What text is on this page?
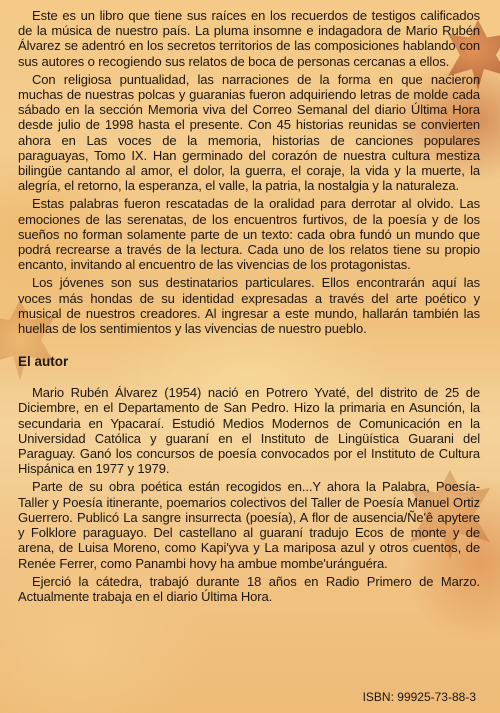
Este es un libro que tiene sus raíces en los recuerdos de testigos calificados de la música de nuestro país. La pluma insomne e indagadora de Mario Rubén Álvarez se adentró en los secretos territorios de las composiciones hablando con sus autores o recogiendo sus relatos de boca de personas cercanas a ellos.

Con religiosa puntualidad, las narraciones de la forma en que nacieron muchas de nuestras polcas y guaranias fueron adquiriendo letras de molde cada sábado en la sección Memoria viva del Correo Semanal del diario Última Hora desde julio de 1998 hasta el presente. Con 45 historias reunidas se convierten ahora en Las voces de la memoria, historias de canciones populares paraguayas, Tomo IX. Han germinado del corazón de nuestra cultura mestiza bilingüe cantando al amor, el dolor, la guerra, el coraje, la vida y la muerte, la alegría, el retorno, la esperanza, el valle, la patria, la nostalgia y la naturaleza.

Estas palabras fueron rescatadas de la oralidad para derrotar al olvido. Las emociones de las serenatas, de los encuentros furtivos, de la poesía y de los sueños no forman solamente parte de un texto: cada obra fundó un mundo que podrá recrearse a través de la lectura. Cada uno de los relatos tiene su propio encanto, invitando al encuentro de las vivencias de los protagonistas.

Los jóvenes son sus destinatarios particulares. Ellos encontrarán aquí las voces más hondas de su identidad expresadas a través del arte poético y musical de nuestros creadores. Al ingresar a este mundo, hallarán también las huellas de los sentimientos y las vivencias de nuestro pueblo.

El autor

Mario Rubén Álvarez (1954) nació en Potrero Yvaté, del distrito de 25 de Diciembre, en el Departamento de San Pedro. Hizo la primaria en Asunción, la secundaria en Ypacaraí. Estudió Medios Modernos de Comunicación en la Universidad Católica y guaraní en el Instituto de Lingüística Guarani del Paraguay. Ganó los concursos de poesía convocados por el Instituto de Cultura Hispánica en 1977 y 1979.

Parte de su obra poética están recogidos en...Y ahora la Palabra, Poesía-Taller y Poesía itinerante, poemarios colectivos del Taller de Poesía Manuel Ortiz Guerrero. Publicó La sangre insurrecta (poesía), A flor de ausencia/Ñe'ê apytere y Folklore paraguayo. Del castellano al guaraní tradujo Ecos de monte y de arena, de Luisa Moreno, como Kapi'yva y La mariposa azul y otros cuentos, de Renée Ferrer, como Panambi hovy ha ambue mombe'uránguéra.

Ejerció la cátedra, trabajó durante 18 años en Radio Primero de Marzo. Actualmente trabaja en el diario Última Hora.

ISBN: 99925-73-88-3
